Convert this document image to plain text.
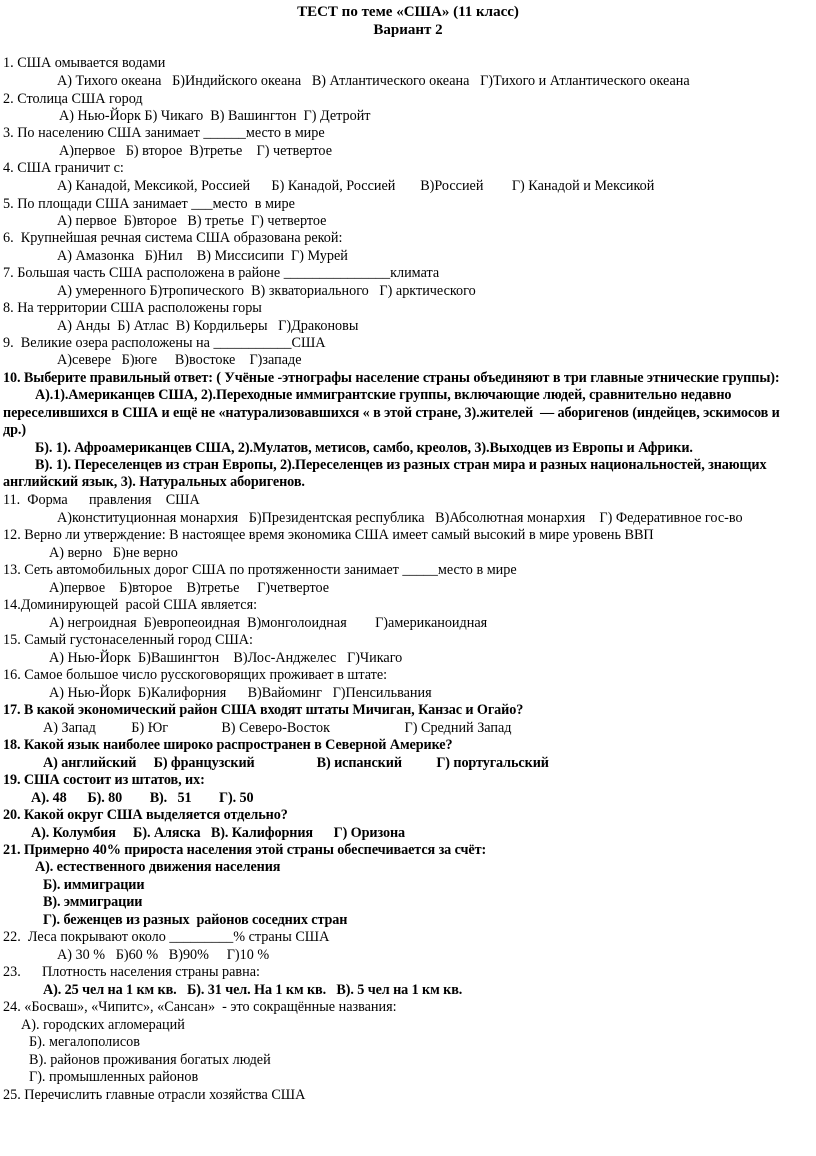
ТЕСТ по теме «США» (11 класс)
Вариант 2
1. США омывается водами
А) Тихого океана   Б)Индийского океана   В) Атлантического океана   Г)Тихого и Атлантического океана
2. Столица США город
А) Нью-Йорк Б) Чикаго  В) Вашингтон  Г) Детройт
3. По населению США занимает ______место в мире
А)первое   Б) второе  В)третье    Г) четвертое
4. США граничит с:
А) Канадой, Мексикой, Россией      Б) Канадой, Россией       В)Россией        Г) Канадой и Мексикой
5. По площади США занимает ___место  в мире
А) первое  Б)второе   В) третье  Г) четвертое
6.  Крупнейшая речная система США образована рекой:
А) Амазонка   Б)Нил    В) Миссисипи  Г) Мурей
7. Большая часть США расположена в районе _______________климата
А) умеренного Б)тропического  В) зкваториального   Г) арктического
8. На территории США расположены горы
А) Анды  Б) Атлас  В) Кордильеры   Г)Драконовы
9.  Великие озера расположены на ___________США
А)севере   Б)юге     В)востоке    Г)западе
10. Выберите правильный ответ: ( Учёные -этнографы население страны объединяют в три главные этнические группы):
А).1).Американцев США, 2).Переходные иммигрантские группы, включающие людей, сравнительно недавно
переселившихся в США и ещё не «натурализовавшихся « в этой стране, 3).жителей  — аборигенов (индейцев, эскимосов и
др.)
Б). 1). Афроамериканцев США, 2).Мулатов, метисов, самбо, креолов, 3).Выходцев из Европы и Африки.
В). 1). Переселенцев из стран Европы, 2).Переселенцев из разных стран мира и разных национальностей, знающих
английский язык, 3). Натуральных аборигенов.
11.  Форма      правления    США
А)конституционная монархия   Б)Президентская республика   В)Абсолютная монархия    Г) Федеративное гос-во
12. Верно ли утверждение: В настоящее время экономика США имеет самый высокий в мире уровень ВВП
А) верно   Б)не верно
13. Сеть автомобильных дорог США по протяженности занимает _____место в мире
А)первое    Б)второе    В)третье     Г)четвертое
14.Доминирующей  расой США является:
А) негроидная  Б)европеоидная  В)монголоидная        Г)американоидная
15. Самый густонаселенный город США:
А) Нью-Йорк  Б)Вашингтон    В)Лос-Анджелес   Г)Чикаго
16. Самое большое число русскоговорящих проживает в штате:
А) Нью-Йорк  Б)Калифорния      В)Вайоминг   Г)Пенсильвания
17. В какой экономический район США входят штаты Мичиган, Канзас и Огайо?
А) Запад          Б) Юг               В) Северо-Восток                     Г) Средний Запад
18. Какой язык наиболее широко распространен в Северной Америке?
А) английский     Б) французский                  В) испанский          Г) португальский
19. США состоит из штатов, их:
А). 48      Б). 80        В).   51        Г). 50
20. Какой округ США выделяется отдельно?
А). Колумбия     Б). Аляска   В). Калифорния      Г) Оризона
21. Примерно 40% прироста населения этой страны обеспечивается за счёт:
А). естественного движения населения
Б). иммиграции
В). эммиграции
Г). беженцев из разных  районов соседних стран
22.  Леса покрывают около _________% страны США
А) 30 %   Б)60 %   В)90%     Г)10 %
23.      Плотность населения страны равна:
А). 25 чел на 1 км кв.   Б). 31 чел. На 1 км кв.   В). 5 чел на 1 км кв.
24. «Босваш», «Чипитс», «Сансан»  - это сокращённые названия:
А). городских агломераций
Б). мегалополисов
В). районов проживания богатых людей
Г). промышленных районов
25. Перечислить главные отрасли хозяйства США
